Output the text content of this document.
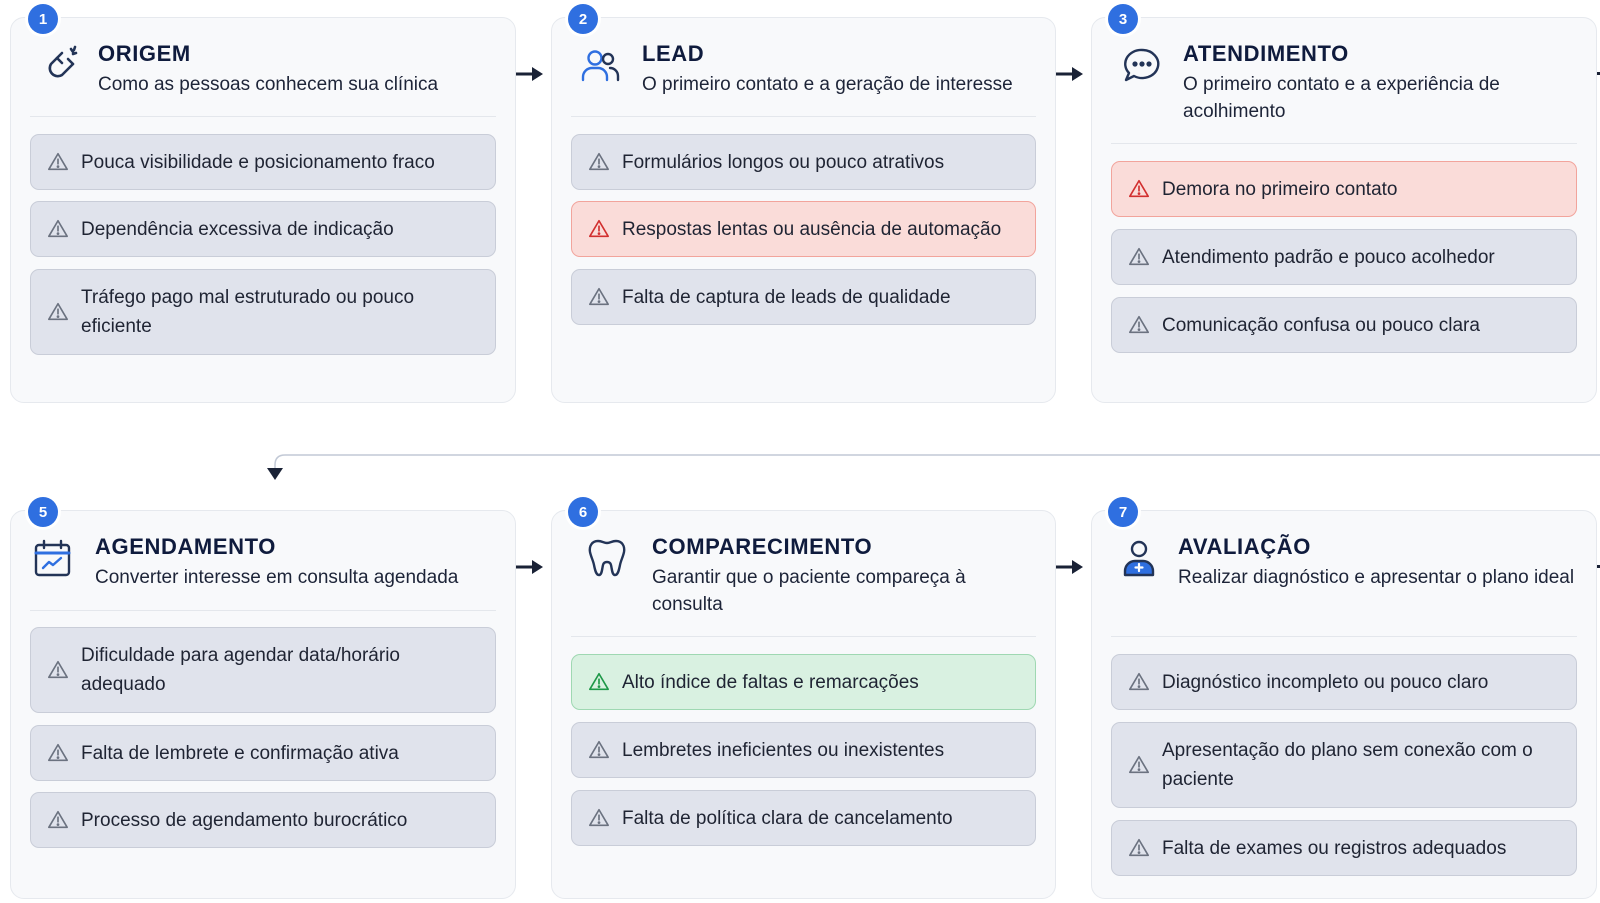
1
ORIGEM
Como as pessoas conhecem sua clínica
Pouca visibilidade e posicionamento fraco
Dependência excessiva de indicação
Tráfego pago mal estruturado ou pouco eficiente
2
LEAD
O primeiro contato e a geração de interesse
Formulários longos ou pouco atrativos
Respostas lentas ou ausência de automação
Falta de captura de leads de qualidade
3
ATENDIMENTO
O primeiro contato e a experiência de acolhimento
Demora no primeiro contato
Atendimento padrão e pouco acolhedor
Comunicação confusa ou pouco clara
5
AGENDAMENTO
Converter interesse em consulta agendada
Dificuldade para agendar data/horário adequado
Falta de lembrete e confirmação ativa
Processo de agendamento burocrático
6
COMPARECIMENTO
Garantir que o paciente compareça à consulta
Alto índice de faltas e remarcações
Lembretes ineficientes ou inexistentes
Falta de política clara de cancelamento
7
AVALIAÇÃO
Realizar diagnóstico e apresentar o plano ideal
Diagnóstico incompleto ou pouco claro
Apresentação do plano sem conexão com o paciente
Falta de exames ou registros adequados
